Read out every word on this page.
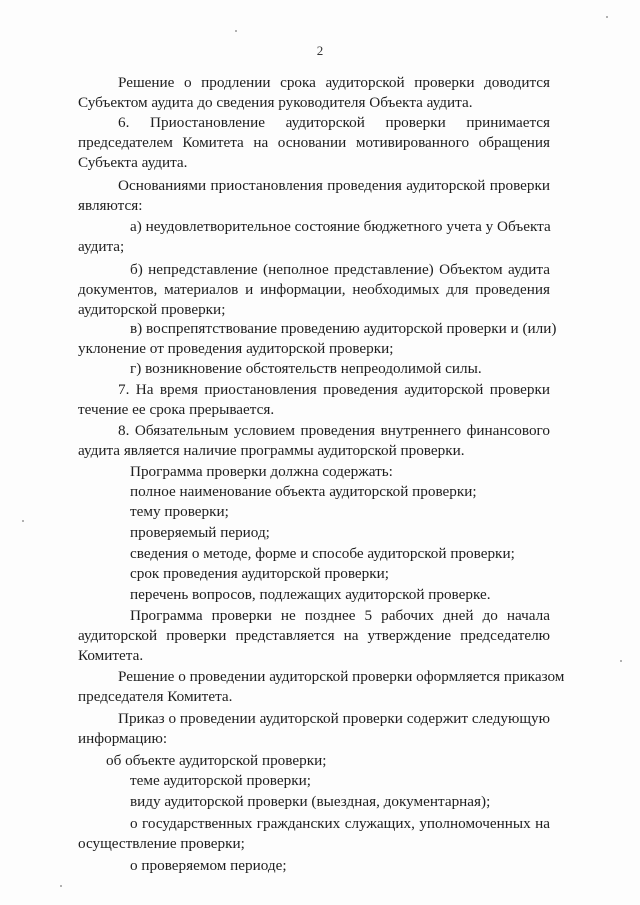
2
Решение о продлении срока аудиторской проверки доводится
Субъектом аудита до сведения руководителя Объекта аудита.
6. Приостановление аудиторской проверки принимается
председателем Комитета на основании мотивированного обращения
Субъекта аудита.
Основаниями приостановления проведения аудиторской проверки
являются:
а) неудовлетворительное состояние бюджетного учета у Объекта
аудита;
б) непредставление (неполное представление) Объектом аудита
документов, материалов и информации, необходимых для проведения
аудиторской проверки;
в) воспрепятствование проведению аудиторской проверки и (или)
уклонение от проведения аудиторской проверки;
г) возникновение обстоятельств непреодолимой силы.
7. На время приостановления проведения аудиторской проверки
течение ее срока прерывается.
8. Обязательным условием проведения внутреннего финансового
аудита является наличие программы аудиторской проверки.
Программа проверки должна содержать:
полное наименование объекта аудиторской проверки;
тему проверки;
проверяемый период;
сведения о методе, форме и способе аудиторской проверки;
срок проведения аудиторской проверки;
перечень вопросов, подлежащих аудиторской проверке.
Программа проверки не позднее 5 рабочих дней до начала
аудиторской проверки представляется на утверждение председателю
Комитета.
Решение о проведении аудиторской проверки оформляется приказом
председателя Комитета.
Приказ о проведении аудиторской проверки содержит следующую
информацию:
об объекте аудиторской проверки;
теме аудиторской проверки;
виду аудиторской проверки (выездная, документарная);
о государственных гражданских служащих, уполномоченных на
осуществление проверки;
о проверяемом периоде;
